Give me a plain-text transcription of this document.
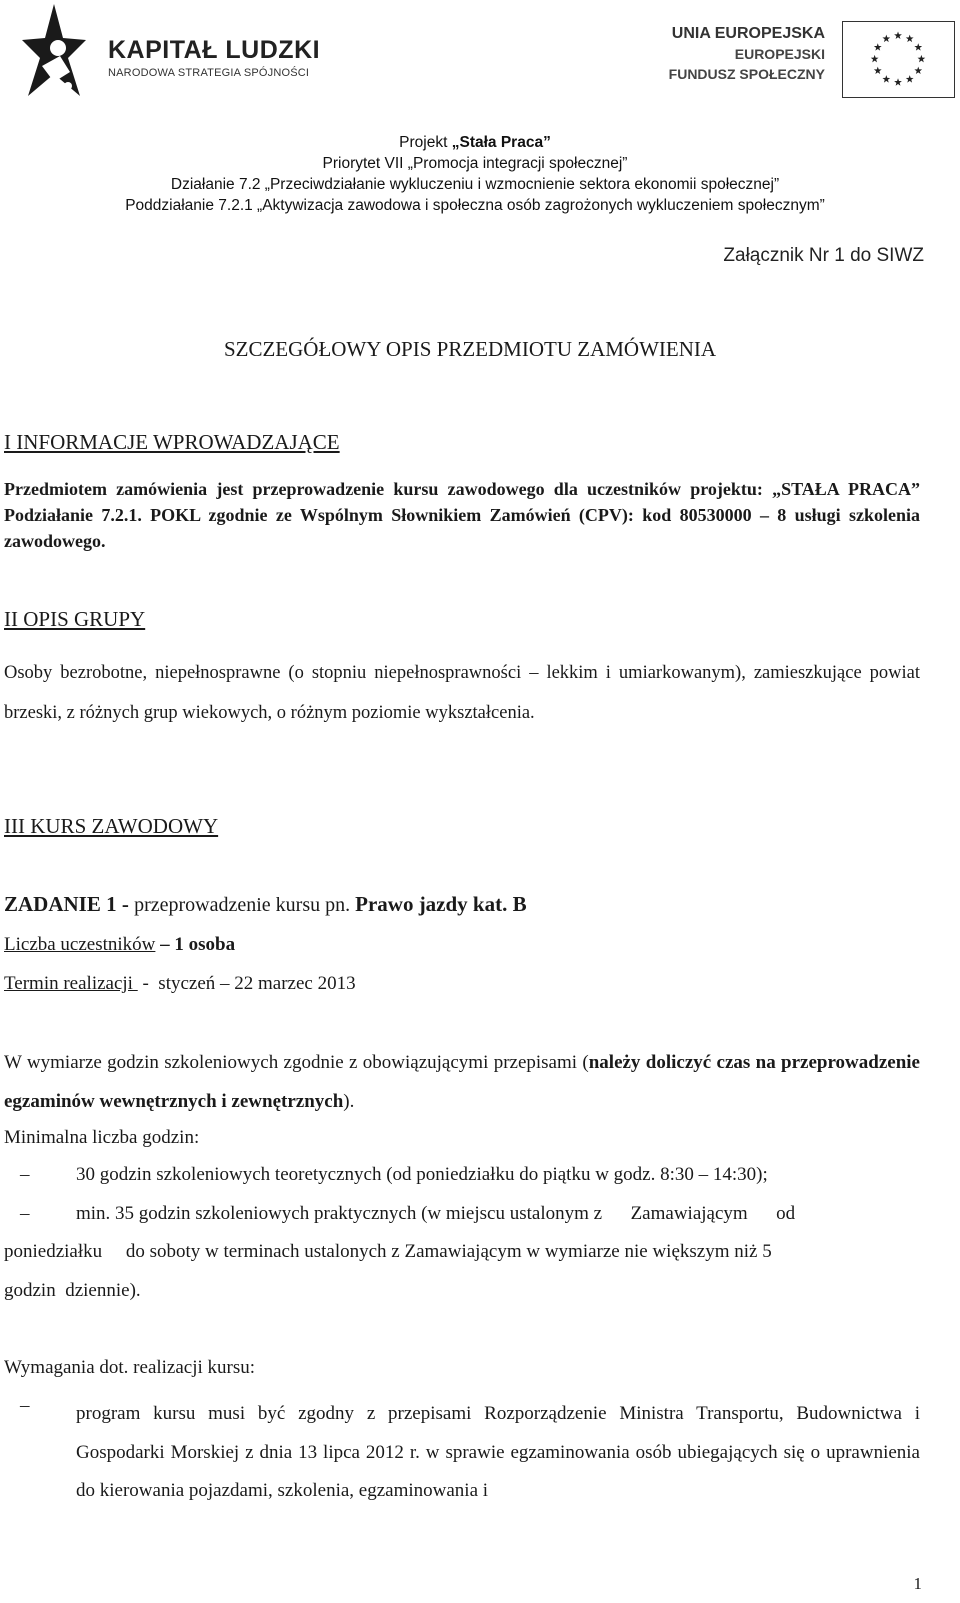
KAPITAŁ LUDZKI
NARODOWA STRATEGIA SPÓJNOŚCI
UNIA EUROPEJSKA
EUROPEJSKI
FUNDUSZ SPOŁECZNY
Projekt „Stała Praca”
Priorytet VII „Promocja integracji społecznej”
Działanie 7.2 „Przeciwdziałanie wykluczeniu i wzmocnienie sektora ekonomii społecznej”
Poddziałanie 7.2.1 „Aktywizacja zawodowa i społeczna osób zagrożonych wykluczeniem społecznym”
Załącznik Nr 1 do SIWZ
SZCZEGÓŁOWY OPIS PRZEDMIOTU ZAMÓWIENIA
I INFORMACJE WPROWADZAJĄCE
Przedmiotem zamówienia jest przeprowadzenie kursu zawodowego dla uczestników projektu: „STAŁA PRACA” Podziałanie 7.2.1. POKL zgodnie ze Wspólnym Słownikiem Zamówień (CPV): kod 80530000 – 8 usługi szkolenia zawodowego.
II OPIS GRUPY
Osoby bezrobotne, niepełnosprawne (o stopniu niepełnosprawności – lekkim i umiarkowanym), zamieszkujące powiat brzeski, z różnych grup wiekowych, o różnym poziomie wykształcenia.
III KURS ZAWODOWY
ZADANIE 1 - przeprowadzenie kursu pn. Prawo jazdy kat. B
Liczba uczestników – 1 osoba
Termin realizacji  -  styczeń – 22 marzec 2013
W wymiarze godzin szkoleniowych zgodnie z obowiązującymi przepisami (należy doliczyć czas na przeprowadzenie egzaminów wewnętrznych i zewnętrznych).
Minimalna liczba godzin:
– 30 godzin szkoleniowych teoretycznych (od poniedziałku do piątku w godz. 8:30 – 14:30);
– min. 35 godzin szkoleniowych praktycznych (w miejscu ustalonym z      Zamawiającym      od
poniedziałku     do soboty w terminach ustalonych z Zamawiającym w wymiarze nie większym niż 5
godzin  dziennie).
Wymagania dot. realizacji kursu:
– program kursu musi być zgodny z przepisami Rozporządzenie Ministra Transportu, Budownictwa i Gospodarki Morskiej z dnia 13 lipca 2012 r. w sprawie egzaminowania osób ubiegających się o uprawnienia do kierowania pojazdami, szkolenia, egzaminowania i
1
